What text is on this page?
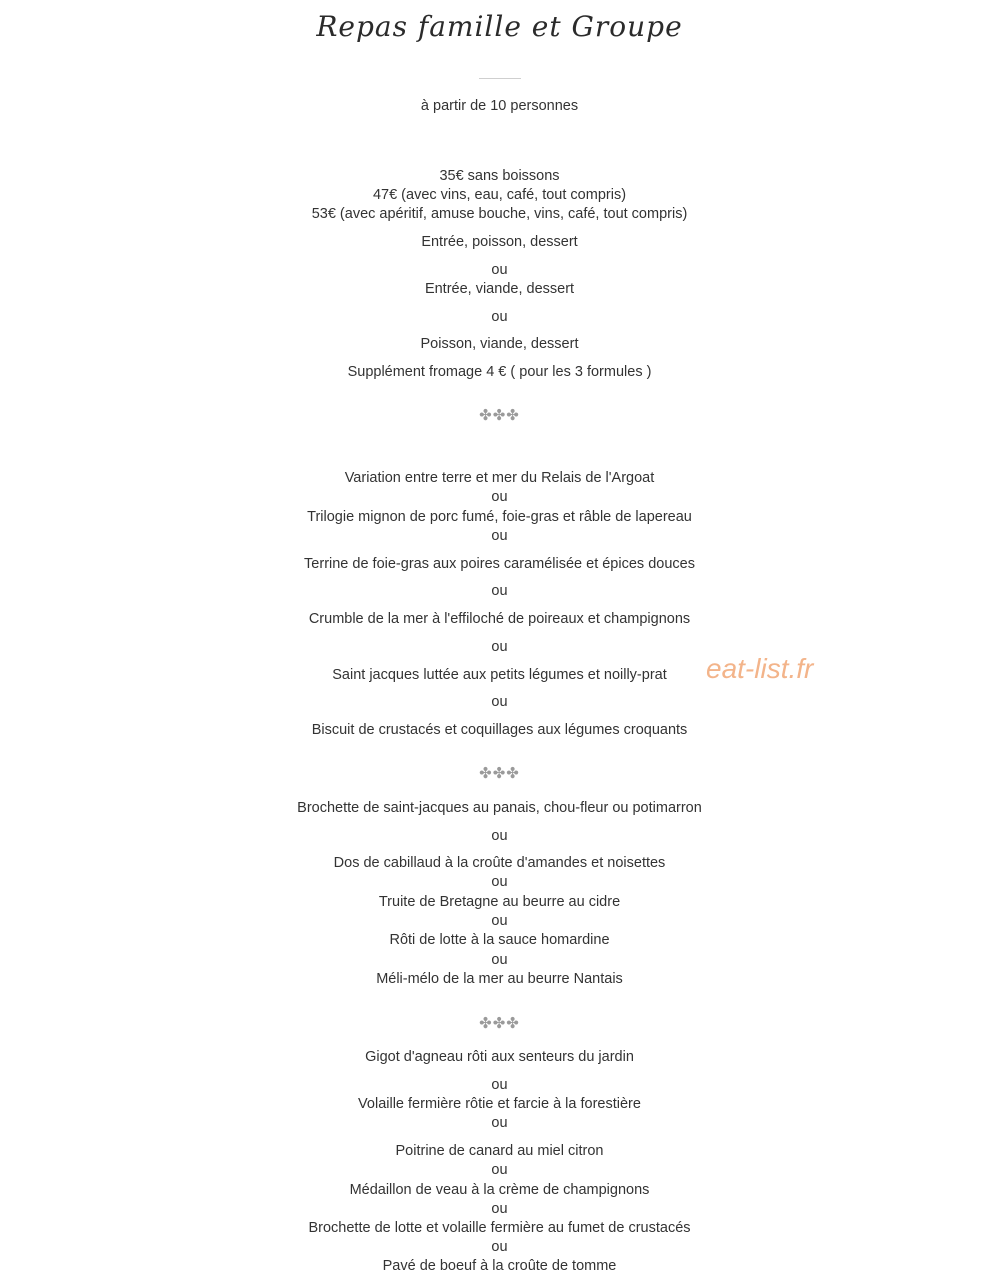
Repas famille et Groupe
à partir de 10 personnes
35€ sans boissons
47€ (avec vins, eau, café, tout compris)
53€ (avec apéritif, amuse bouche, vins, café, tout compris)
Entrée, poisson, dessert
ou
Entrée, viande, dessert
ou
Poisson, viande, dessert
Supplément fromage 4 € ( pour les 3 formules )
✤✤✤
Variation entre terre et mer du Relais de l'Argoat
ou
Trilogie mignon de porc fumé, foie-gras et râble de lapereau
ou
Terrine de foie-gras aux poires caramélisée et épices douces
ou
Crumble de la mer à l'effiloché de poireaux et champignons
ou
Saint jacques luttée aux petits légumes et noilly-prat
ou
Biscuit de crustacés et coquillages aux légumes croquants
✤✤✤
Brochette de saint-jacques au panais, chou-fleur ou potimarron
ou
Dos de cabillaud à la croûte d'amandes et noisettes
ou
Truite de Bretagne au beurre au cidre
ou
Rôti de lotte à la sauce homardine
ou
Méli-mélo de la mer au beurre Nantais
✤✤✤
Gigot d'agneau rôti aux senteurs du jardin
ou
Volaille fermière rôtie et farcie à la forestière
ou
Poitrine de canard au miel citron
ou
Médaillon de veau à la crème de champignons
ou
Brochette de lotte et volaille fermière au fumet de crustacés
ou
Pavé de boeuf à la croûte de tomme
eat-list.fr
